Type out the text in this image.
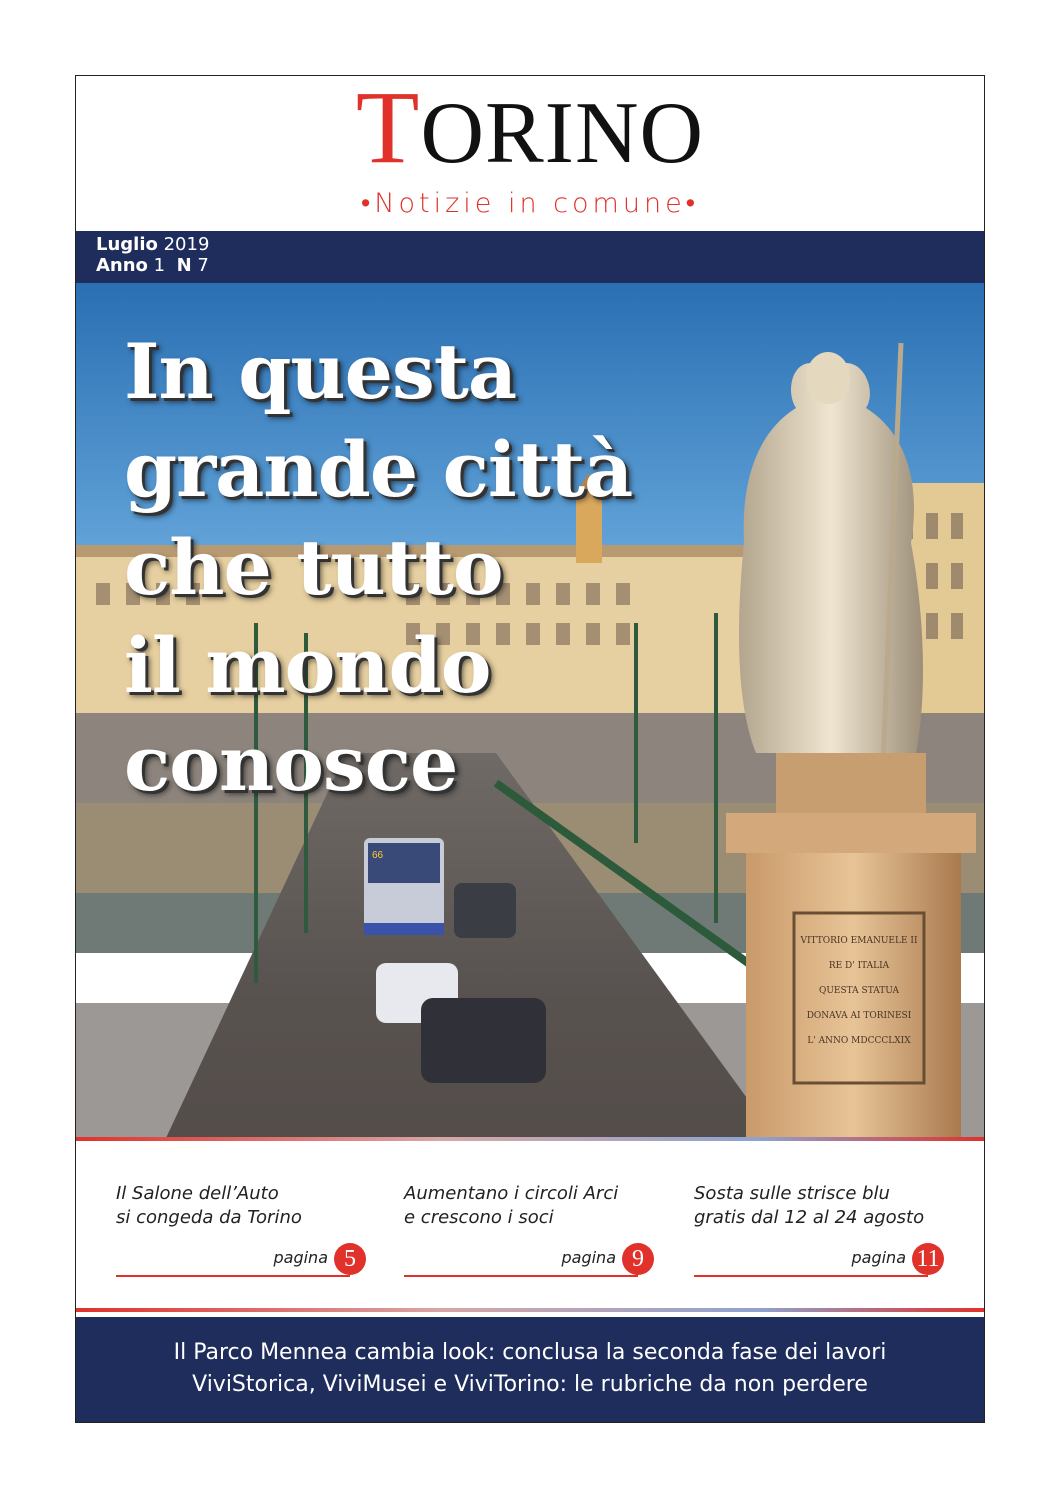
TORINO
•Notizie in comune•
Luglio 2019
Anno 1 N 7
66
VITTORIO EMANUELE II
RE D' ITALIA
QUESTA STATUA
DONAVA AI TORINESI
L' ANNO MDCCCLXIX
In questa
grande città
che tutto
il mondo
conosce
Il Salone dell’Auto
si congeda da Torino
pagina 5
Aumentano i circoli Arci
e crescono i soci
pagina 9
Sosta sulle strisce blu
gratis dal 12 al 24 agosto
pagina 11
Il Parco Mennea cambia look: conclusa la seconda fase dei lavori
ViviStorica, ViviMusei e ViviTorino: le rubriche da non perdere
